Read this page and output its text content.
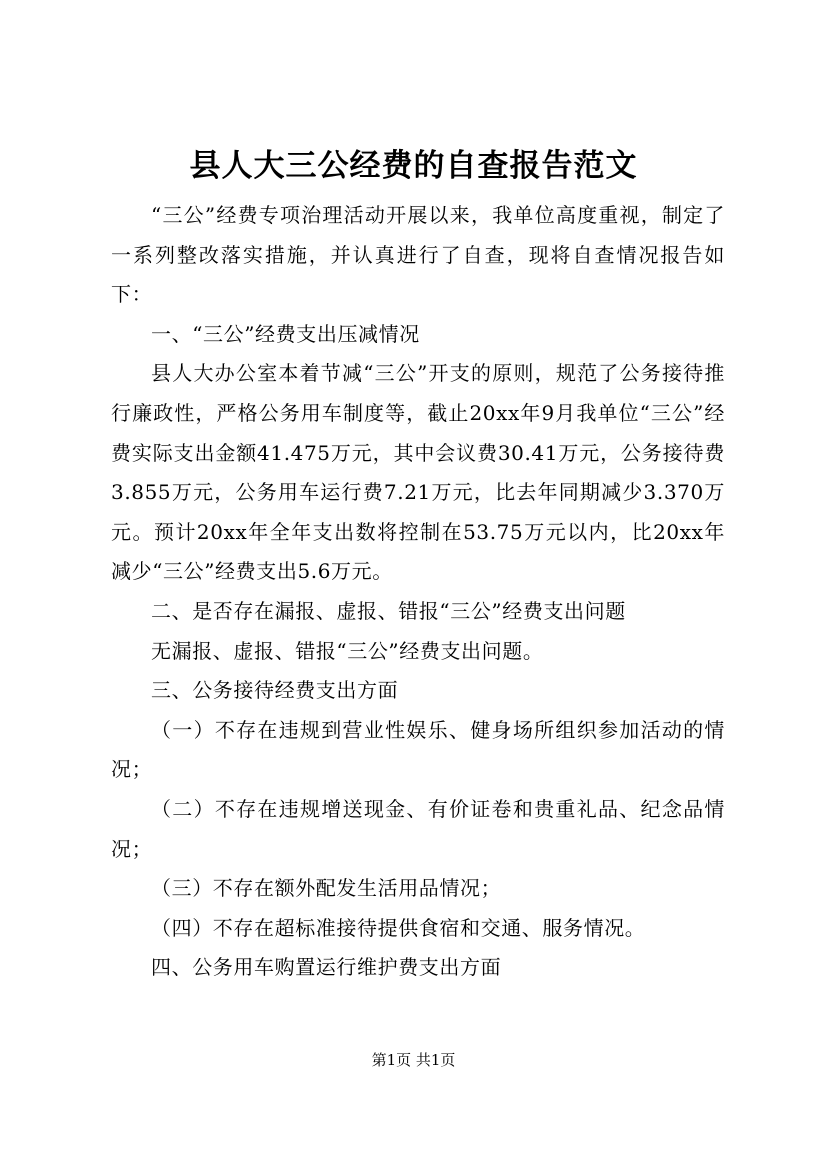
县人大三公经费的自查报告范文

“三公”经费专项治理活动开展以来，我单位高度重视，制定了一系列整改落实措施，并认真进行了自查，现将自查情况报告如下：

一、“三公”经费支出压减情况

县人大办公室本着节减“三公”开支的原则，规范了公务接待推行廉政性，严格公务用车制度等，截止20xx年9月我单位“三公”经费实际支出金额41.475万元，其中会议费30.41万元，公务接待费3.855万元，公务用车运行费7.21万元，比去年同期减少3.370万元。预计20xx年全年支出数将控制在53.75万元以内，比20xx年减少“三公”经费支出5.6万元。

二、是否存在漏报、虚报、错报“三公”经费支出问题

无漏报、虚报、错报“三公”经费支出问题。

三、公务接待经费支出方面

（一）不存在违规到营业性娱乐、健身场所组织参加活动的情况；

（二）不存在违规增送现金、有价证卷和贵重礼品、纪念品情况；

（三）不存在额外配发生活用品情况；

（四）不存在超标准接待提供食宿和交通、服务情况。

四、公务用车购置运行维护费支出方面

第1页 共1页
